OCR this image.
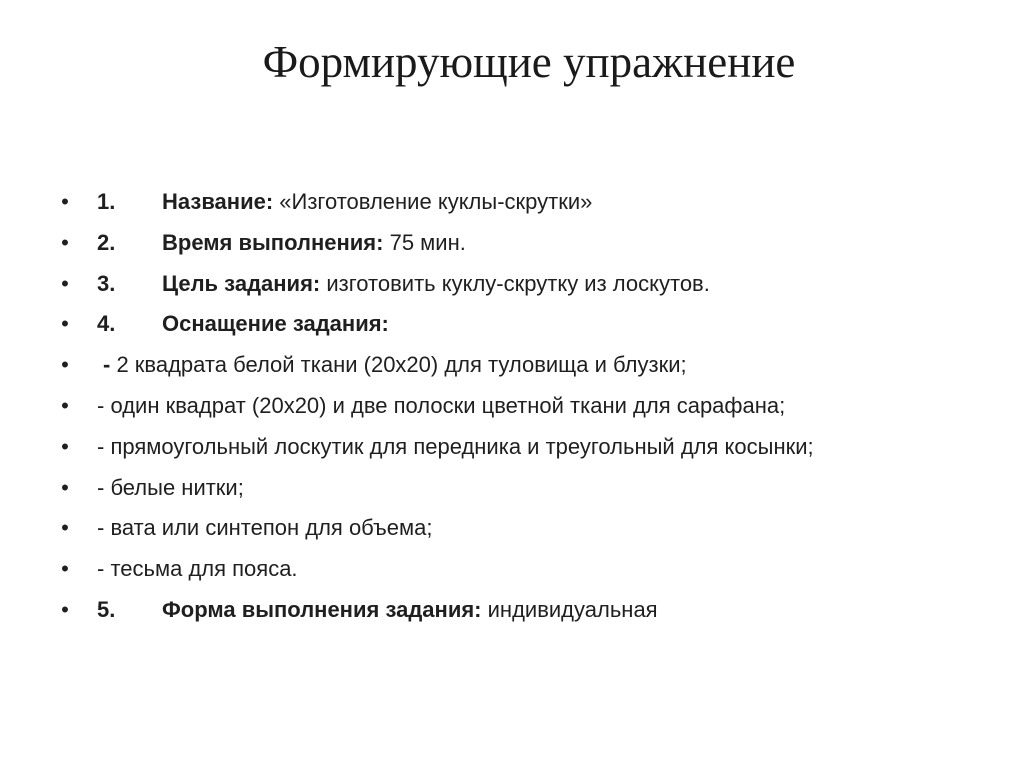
Формирующие упражнение
• 1. Название: «Изготовление куклы-скрутки»
• 2. Время выполнения: 75 мин.
• 3. Цель задания: изготовить куклу-скрутку из лоскутов.
• 4. Оснащение задания:
• - 2 квадрата белой ткани (20х20) для туловища и блузки;
• - один квадрат (20х20) и две полоски цветной ткани для сарафана;
• - прямоугольный лоскутик для передника и треугольный для косынки;
• - белые нитки;
• - вата или синтепон для объема;
• - тесьма для пояса.
• 5. Форма выполнения задания: индивидуальная
